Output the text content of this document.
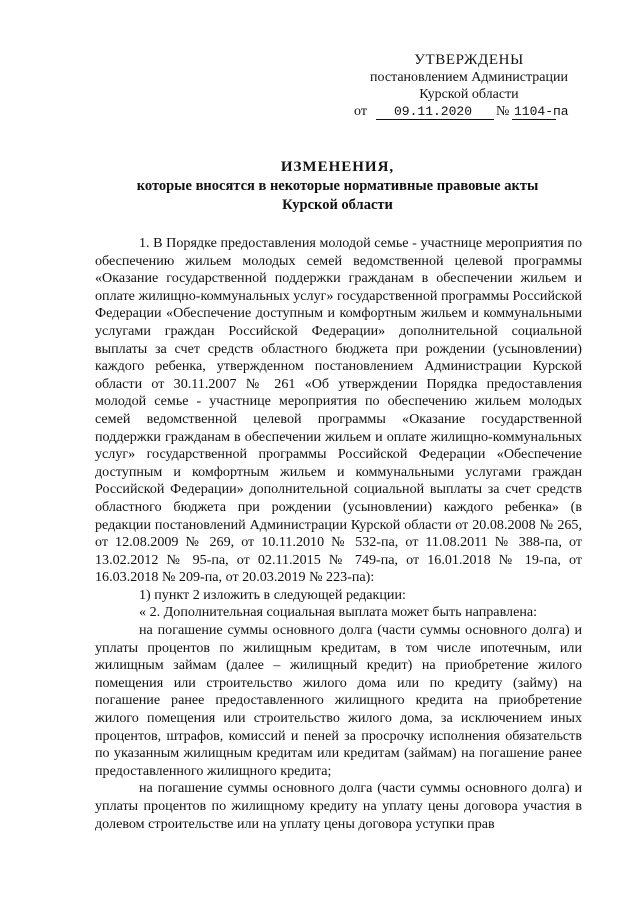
УТВЕРЖДЕНЫ
постановлением Администрации
Курской области
от	09.11.2020	№ 1104-па
ИЗМЕНЕНИЯ,
которые вносятся в некоторые нормативные правовые акты
Курской области

1. В Порядке предоставления молодой семье - участнице мероприятия по обеспечению жильем молодых семей ведомственной целевой программы «Оказание государственной поддержки гражданам в обеспечении жильем и оплате жилищно-коммунальных услуг» государственной программы Российской Федерации «Обеспечение доступным и комфортным жильем и коммунальными услугами граждан Российской Федерации» дополнительной социальной выплаты за счет средств областного бюджета при рождении (усыновлении) каждого ребенка, утвержденном постановлением Администрации Курской области от 30.11.2007 № 261 «Об утверждении Порядка предоставления молодой семье - участнице мероприятия по обеспечению жильем молодых семей ведомственной целевой программы «Оказание государственной поддержки гражданам в обеспечении жильем и оплате жилищно-коммунальных услуг» государственной программы Российской Федерации «Обеспечение доступным и комфортным жильем и коммунальными услугами граждан Российской Федерации» дополнительной социальной выплаты за счет средств областного бюджета при рождении (усыновлении) каждого ребенка» (в редакции постановлений Администрации Курской области от 20.08.2008 № 265, от 12.08.2009 № 269, от 10.11.2010 № 532-па, от 11.08.2011 № 388-па, от 13.02.2012 № 95-па, от 02.11.2015 № 749-па, от 16.01.2018 № 19-па, от 16.03.2018 № 209-па, от 20.03.2019 № 223-па):

1) пункт 2 изложить в следующей редакции:

« 2. Дополнительная социальная выплата может быть направлена:

на погашение суммы основного долга (части суммы основного долга) и уплаты процентов по жилищным кредитам, в том числе ипотечным, или жилищным займам (далее – жилищный кредит) на приобретение жилого помещения или строительство жилого дома или по кредиту (займу) на погашение ранее предоставленного жилищного кредита на приобретение жилого помещения или строительство жилого дома, за исключением иных процентов, штрафов, комиссий и пеней за просрочку исполнения обязательств по указанным жилищным кредитам или кредитам (займам) на погашение ранее предоставленного жилищного кредита;

на погашение суммы основного долга (части суммы основного долга) и уплаты процентов по жилищному кредиту на уплату цены договора участия в долевом строительстве или на уплату цены договора уступки прав
